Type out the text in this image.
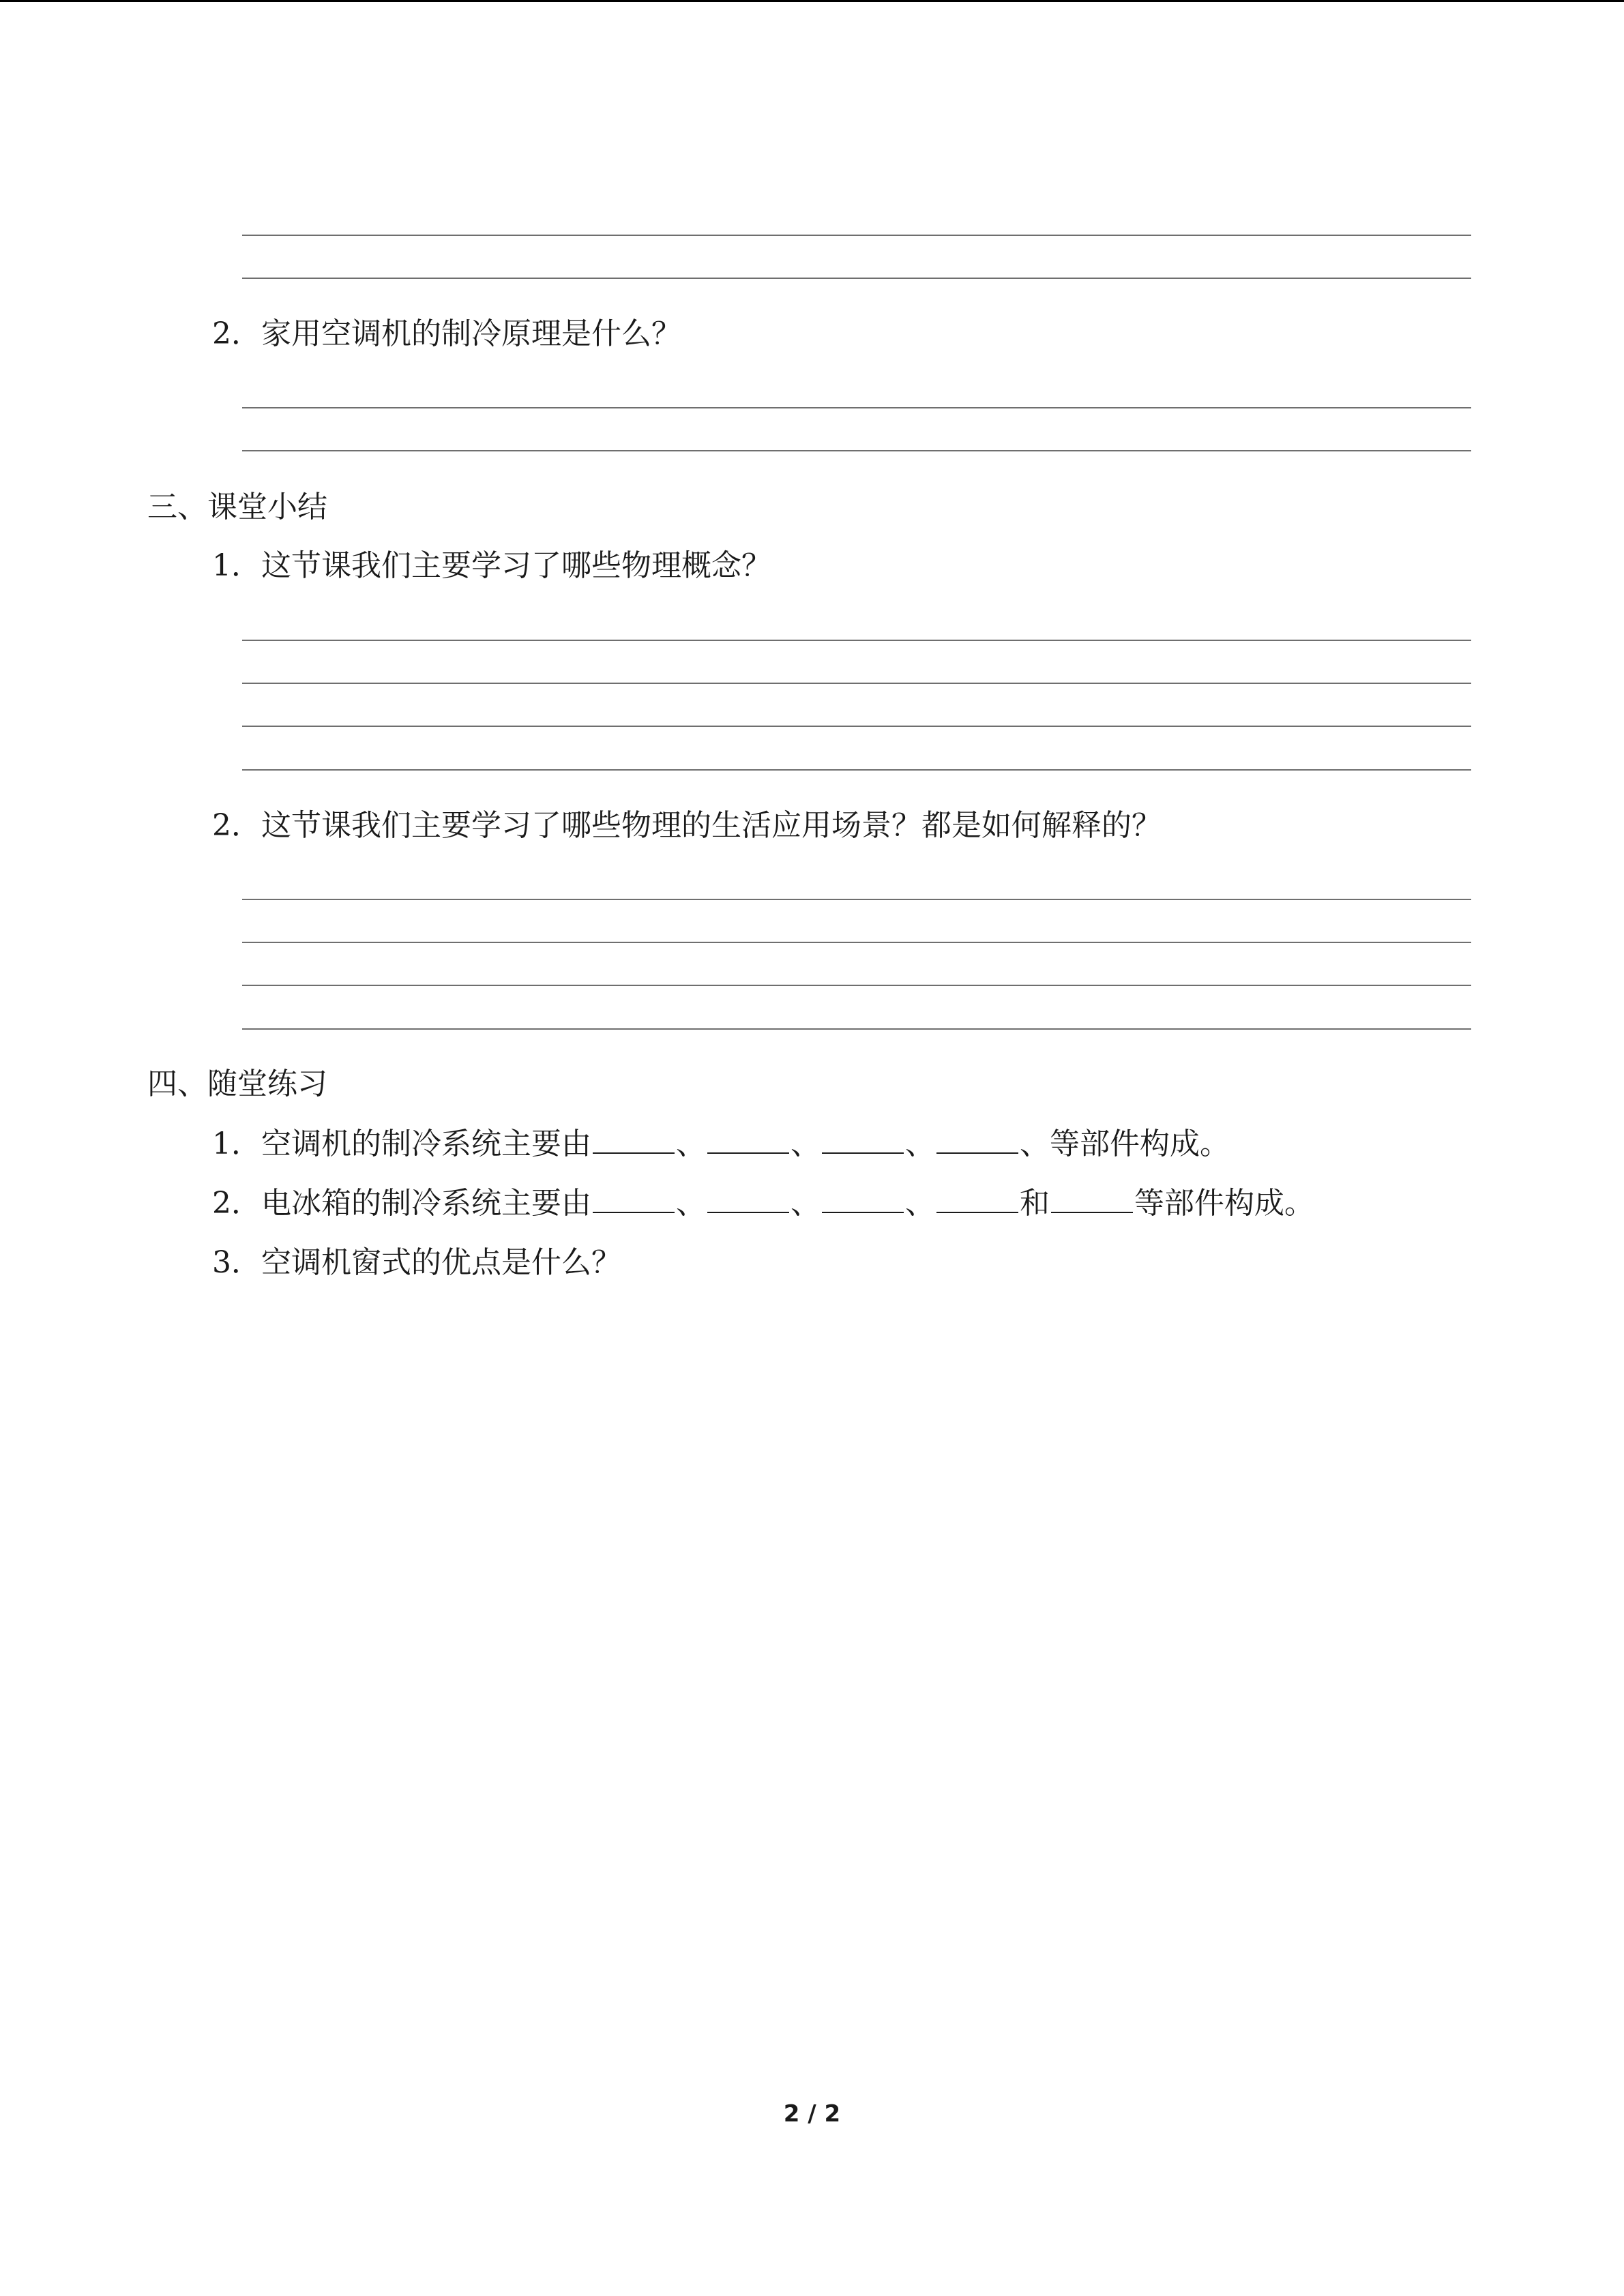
2．家用空调机的制冷原理是什么？
三、课堂小结
1．这节课我们主要学习了哪些物理概念？
2．这节课我们主要学习了哪些物理的生活应用场景？都是如何解释的？
四、随堂练习
1．空调机的制冷系统主要由	、	、	、	、等部件构成。
2．电冰箱的制冷系统主要由	、	、	、	和	等部件构成。
3．空调机窗式的优点是什么？
2 / 2
